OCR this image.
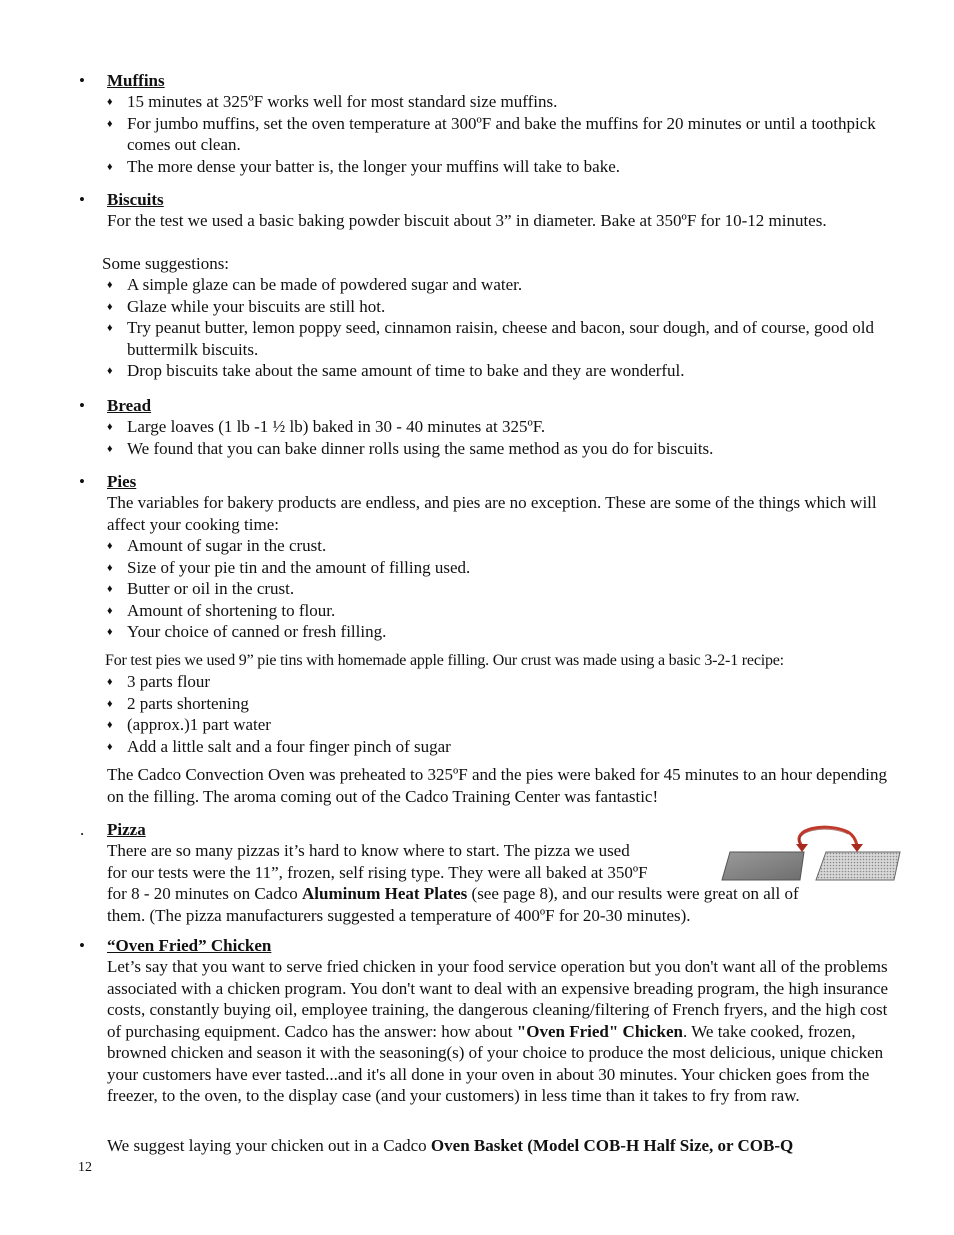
• Muffins
♦ 15 minutes at 325ºF works well for most standard size muffins.
♦ For jumbo muffins, set the oven temperature at 300ºF and bake the muffins for 20 minutes or until a toothpick comes out clean.
♦ The more dense your batter is, the longer your muffins will take to bake.
• Biscuits
For the test we used a basic baking powder biscuit about 3” in diameter. Bake at 350ºF for 10-12 minutes.
Some suggestions:
♦ A simple glaze can be made of powdered sugar and water.
♦ Glaze while your biscuits are still hot.
♦ Try peanut butter, lemon poppy seed, cinnamon raisin, cheese and bacon, sour dough, and of course, good old buttermilk biscuits.
♦ Drop biscuits take about the same amount of time to bake and they are wonderful.
• Bread
♦ Large loaves (1 lb -1 ½ lb) baked in 30 - 40 minutes at 325ºF.
♦ We found that you can bake dinner rolls using the same method as you do for biscuits.
• Pies
The variables for bakery products are endless, and pies are no exception. These are some of the things which will affect your cooking time:
♦ Amount of sugar in the crust.
♦ Size of your pie tin and the amount of filling used.
♦ Butter or oil in the crust.
♦ Amount of shortening to flour.
♦ Your choice of canned or fresh filling.
For test pies we used 9” pie tins with homemade apple filling. Our crust was made using a basic 3-2-1 recipe:
♦ 3 parts flour
♦ 2 parts shortening
♦ (approx.)1 part water
♦ Add a little salt and a four finger pinch of sugar
The Cadco Convection Oven was preheated to 325ºF and the pies were baked for 45 minutes to an hour depending on the filling. The aroma coming out of the Cadco Training Center was fantastic!
. Pizza
There are so many pizzas it’s hard to know where to start. The pizza we used
for our tests were the 11”, frozen, self rising type. They were all baked at 350ºF
for 8 - 20 minutes on Cadco Aluminum Heat Plates (see page 8), and our results were great on all of
them. (The pizza manufacturers suggested a temperature of 400ºF for 20-30 minutes).
• “Oven Fried” Chicken
Let’s say that you want to serve fried chicken in your food service operation but you don't want all of the problems associated with a chicken program. You don't want to deal with an expensive breading program, the high insurance costs, constantly buying oil, employee training, the dangerous cleaning/filtering of French fryers, and the high cost of purchasing equipment. Cadco has the answer: how about "Oven Fried" Chicken. We take cooked, frozen, browned chicken and season it with the seasoning(s) of your choice to produce the most delicious, unique chicken your customers have ever tasted...and it's all done in your oven in about 30 minutes. Your chicken goes from the freezer, to the oven, to the display case (and your customers) in less time than it takes to fry from raw.
We suggest laying your chicken out in a Cadco Oven Basket (Model COB-H Half Size, or COB-Q
12
